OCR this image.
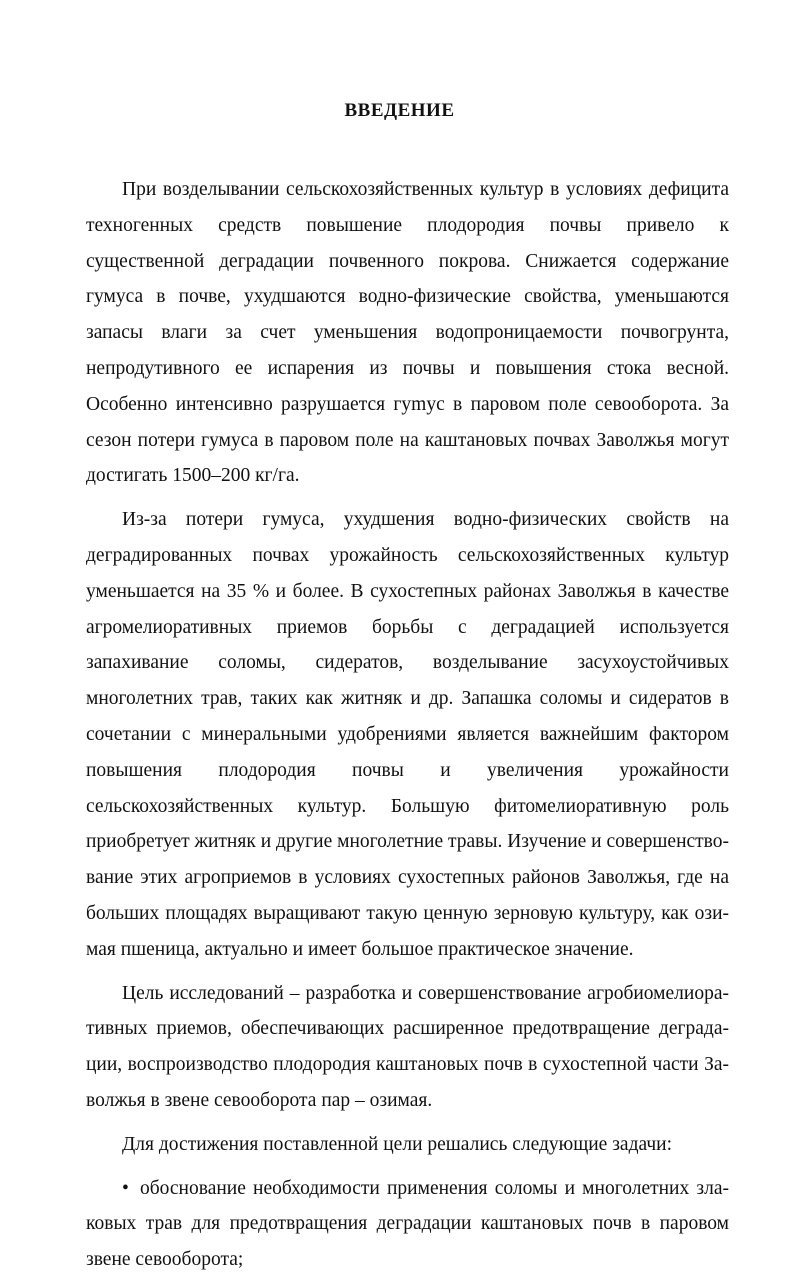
ВВЕДЕНИЕ

При возделывании сельскохозяйственных культур в условиях дефицита техногенных средств повышение плодородия почвы привело к существенной деградации почвенного покрова. Снижается содержание гумуса в почве, ухудшаются водно-физические свойства, уменьшаются запасы влаги за счет уменьшения водопроницаемости почвогрунта, непродутивного ее испарения из почвы и повышения стока весной. Особенно интенсивно разрушается гуmус в паровом поле севооборота. За сезон потери гумуса в паровом поле на каштановых почвах Заволжья могут достигать 1500–200 кг/га.

Из-за потери гумуса, ухудшения водно-физических свойств на деградированных почвах урожайность сельскохозяйственных культур уменьшается на 35 % и более. В сухостепных районах Заволжья в качестве агромелиоративных приемов борьбы с деградацией используется запахивание соломы, сидератов, возделывание засухоустойчивых многолетних трав, таких как житняк и др. Запашка соломы и сидератов в сочетании с минеральными удобрениями является важнейшим фактором повышения плодородия почвы и увеличения урожайности сельскохозяйственных культур. Большую фитомелиоративную роль приобретует житняк и другие многолетние травы. Изучение и совершенствование этих агроприемов в условиях сухостепных районов Заволжья, где на больших площадях выращивают такую ценную зерновую культуру, как озимая пшеница, актуально и имеет большое практическое значение.

Цель исследований – разработка и совершенствование агробиомелиоративных приемов, обеспечивающих расширенное предотвращение деградации, воспроизводство плодородия каштановых почв в сухостепной части Заволжья в звене севооборота пар – озимая.

Для достижения поставленной цели решались следующие задачи:

• обоснование необходимости применения соломы и многолетних злаковых трав для предотвращения деградации каштановых почв в паровом звене севооборота;
